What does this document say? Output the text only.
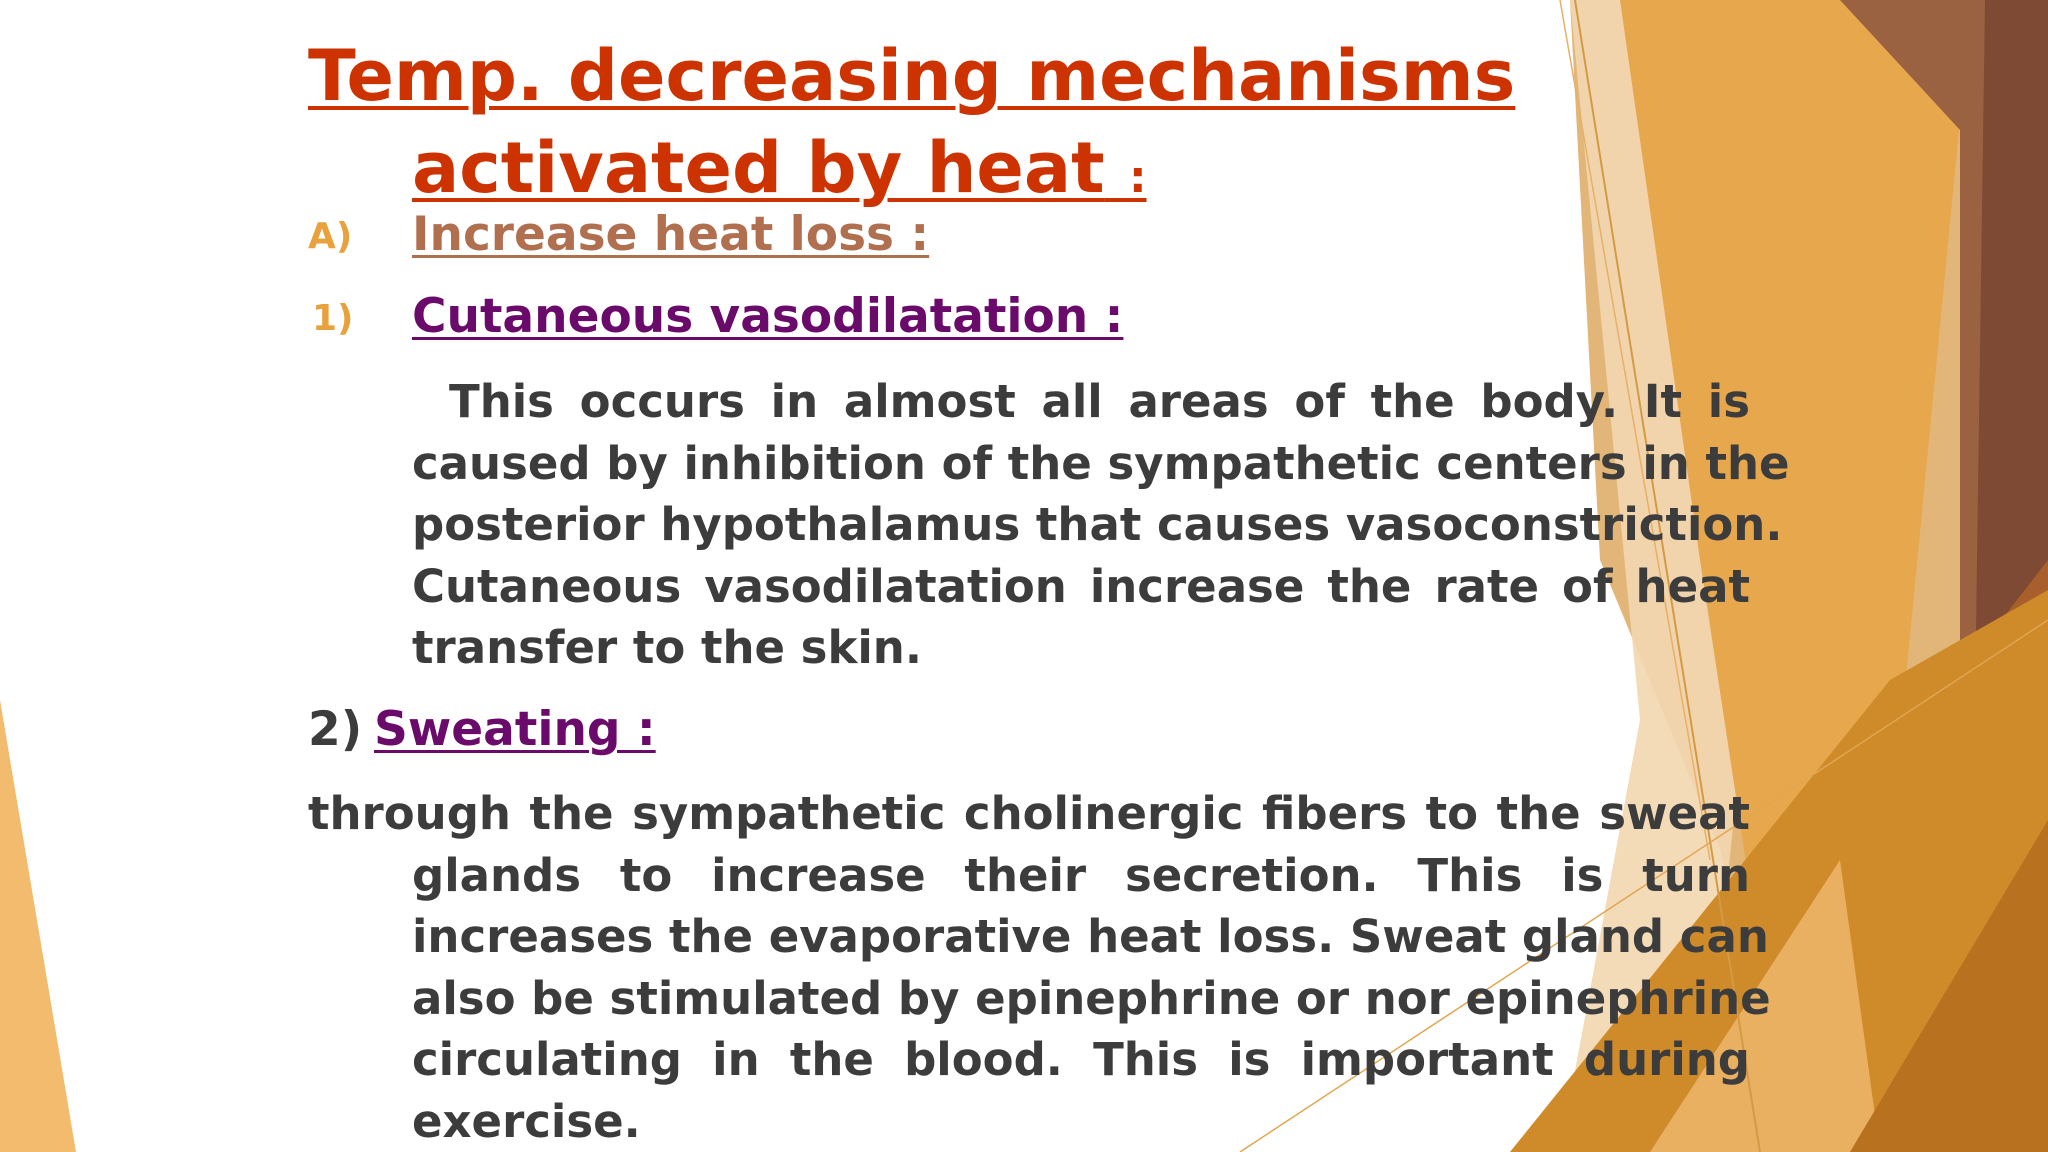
Temp. decreasing mechanisms
activated by heat :
A) Increase heat loss :
1) Cutaneous vasodilatation :
This occurs in almost all areas of the body. It is
caused by inhibition of the sympathetic centers in the
posterior hypothalamus that causes vasoconstriction.
Cutaneous vasodilatation increase the rate of heat
transfer to the skin.
2) Sweating :
through the sympathetic cholinergic fibers to the sweat
glands to increase their secretion. This is turn
increases the evaporative heat loss. Sweat gland can
also be stimulated by epinephrine or nor epinephrine
circulating in the blood. This is important during
exercise.
